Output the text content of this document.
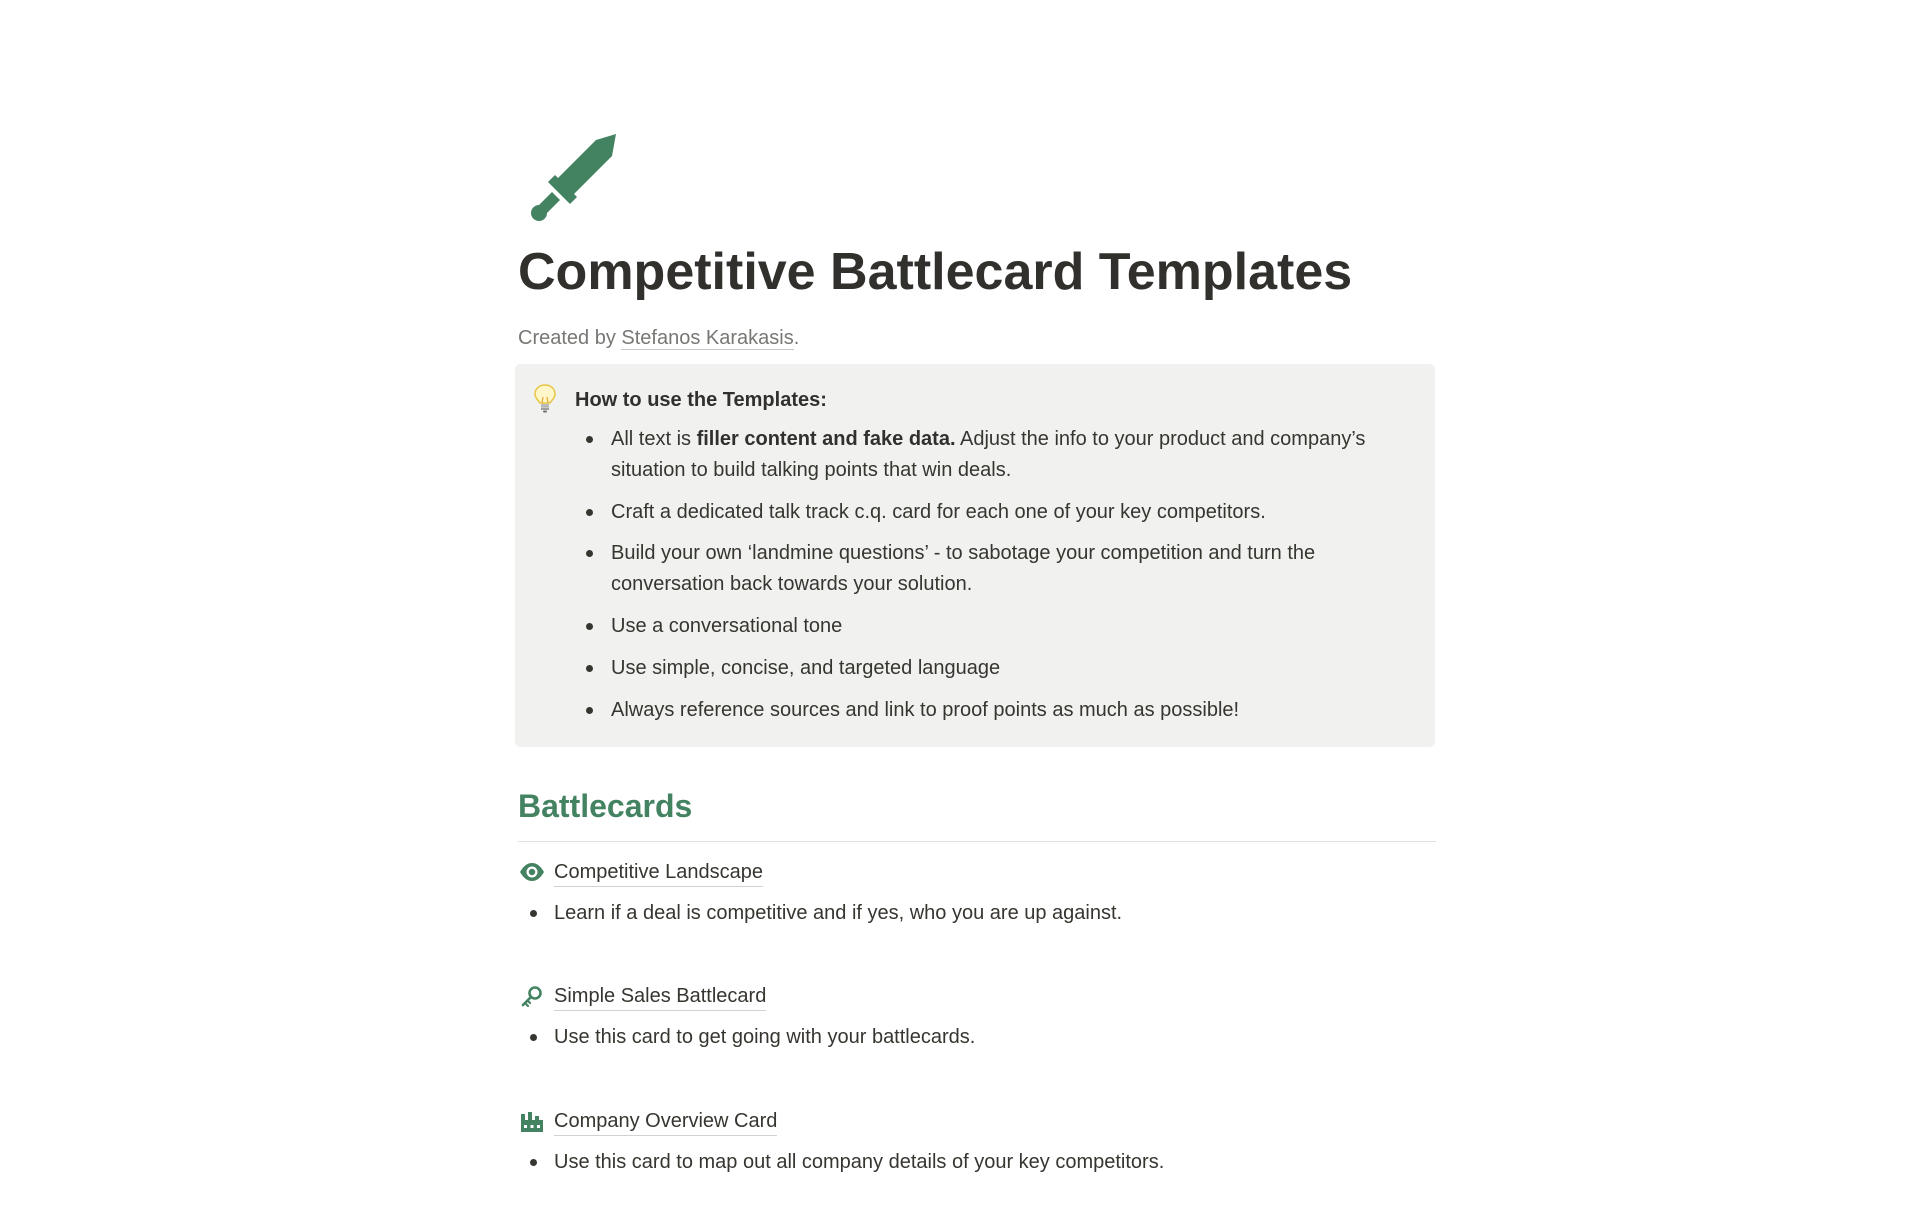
Competitive Battlecard Templates
Created by Stefanos Karakasis.
How to use the Templates:
All text is filler content and fake data. Adjust the info to your product and company’s situation to build talking points that win deals.
Craft a dedicated talk track c.q. card for each one of your key competitors.
Build your own ‘landmine questions’ - to sabotage your competition and turn the conversation back towards your solution.
Use a conversational tone
Use simple, concise, and targeted language
Always reference sources and link to proof points as much as possible!
Battlecards
Competitive Landscape
Learn if a deal is competitive and if yes, who you are up against.
Simple Sales Battlecard
Use this card to get going with your battlecards.
Company Overview Card
Use this card to map out all company details of your key competitors.
